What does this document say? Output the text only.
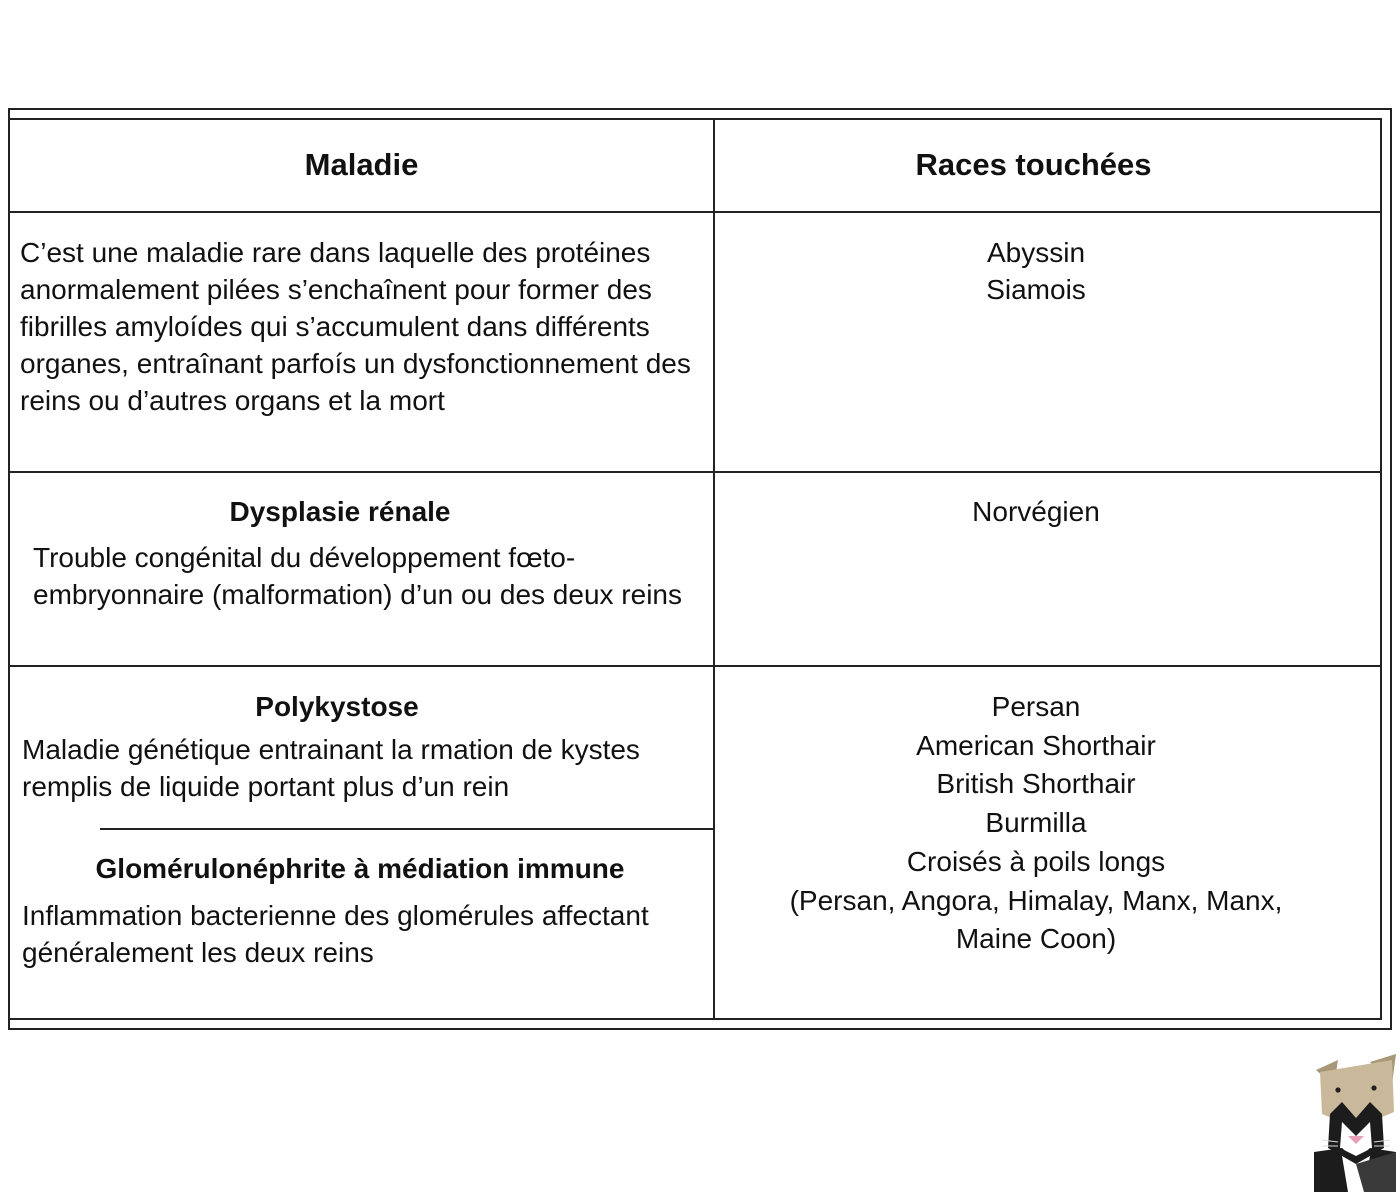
Maladie	Races touchées
C’est une maladie rare dans laquelle des protéines anormalement pilées s’enchaînent pour former des fibrilles amyloídes qui s’accumulent dans différents organes, entraînant parfoís un dysfonctionnement des reins ou d’autres organs et la mort
Abyssin
Siamois
Dysplasie rénale
Trouble congénital du développement fœto-embryonnaire (malformation) d’un ou des deux reins
Norvégien
Polykystose
Maladie génétique entrainant la rmation de kystes remplis de liquide portant plus d’un rein
Persan
American Shorthair
British Shorthair
Burmilla
Croisés à poils longs
(Persan, Angora, Himalay, Manx, Manx,
Maine Coon)
Glomérulonéphrite à médiation immune
Inflammation bacterienne des glomérules affectant généralement les deux reins
